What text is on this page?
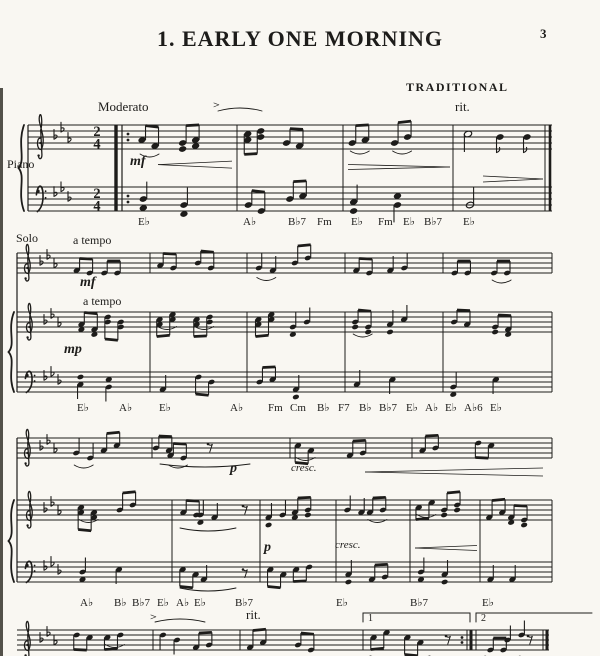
1. EARLY ONE MORNING	3
TRADITIONAL
Piano
Solo
2
4
2
4
Moderato	>	rit.
mf
a tempo
mf
a tempo
mp
p	cresc.
p	cresc.
rit.
>
E♭	A♭	B♭7 Fm E♭ Fm E♭ B♭7 E♭
E♭	A♭ E♭	A♭ Fm Cm B♭ F7 B♭ B♭7 E♭ A♭ E♭ A♭6 E♭
A♭ B♭ B♭7 E♭ A♭ E♭	B♭7	E♭	B♭7	E♭
1	2
